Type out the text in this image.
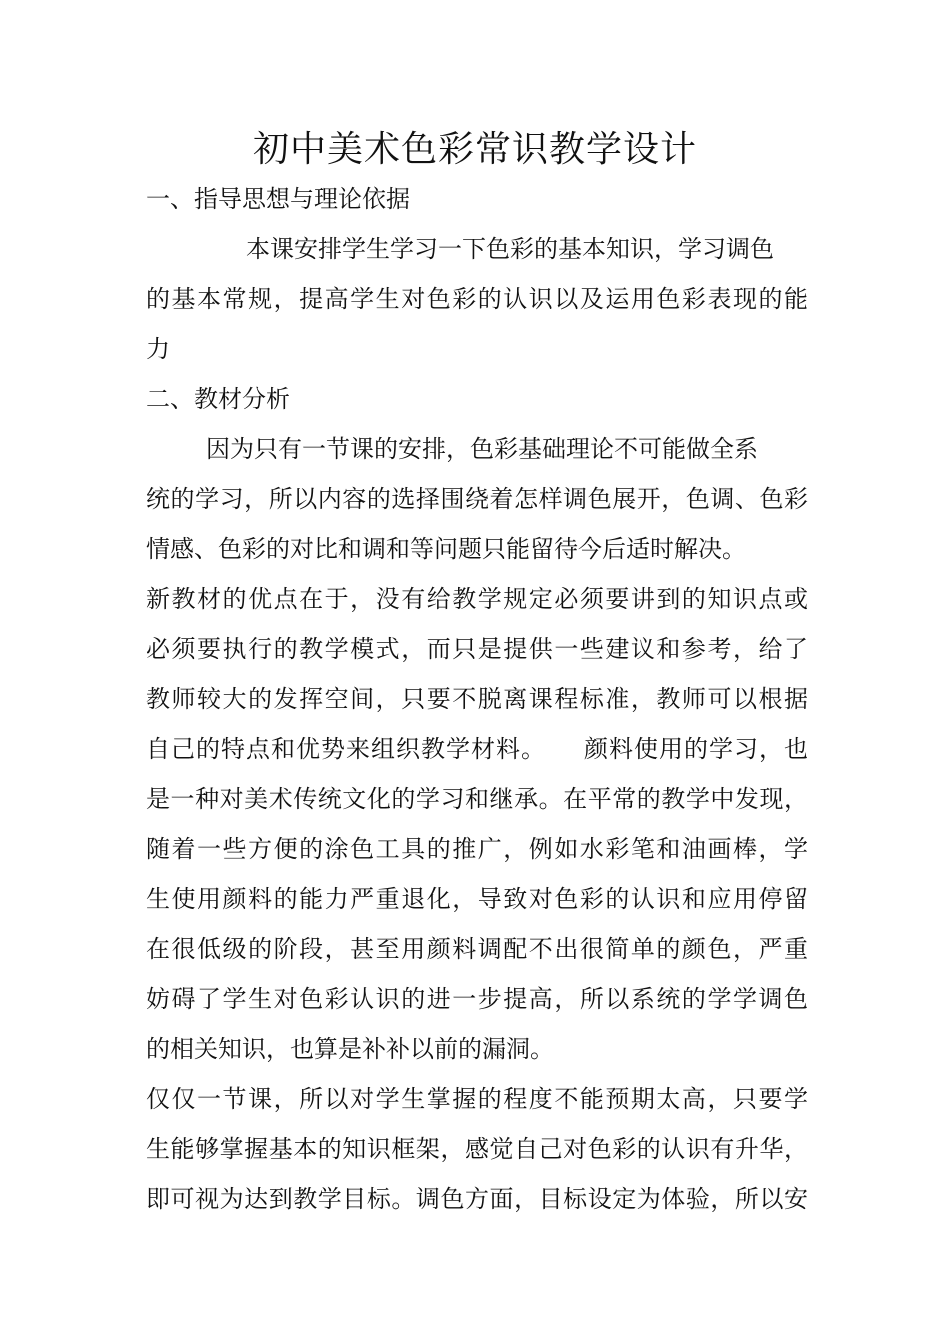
初中美术色彩常识教学设计
一、指导思想与理论依据
本课安排学生学习一下色彩的基本知识，学习调色
的基本常规，提高学生对色彩的认识以及运用色彩表现的能
力
二、教材分析
因为只有一节课的安排，色彩基础理论不可能做全系
统的学习，所以内容的选择围绕着怎样调色展开，色调、色彩
情感、色彩的对比和调和等问题只能留待今后适时解决。
新教材的优点在于，没有给教学规定必须要讲到的知识点或
必须要执行的教学模式，而只是提供一些建议和参考，给了
教师较大的发挥空间，只要不脱离课程标准，教师可以根据
自己的特点和优势来组织教学材料。　　颜料使用的学习，也
是一种对美术传统文化的学习和继承。在平常的教学中发现，
随着一些方便的涂色工具的推广，例如水彩笔和油画棒，学
生使用颜料的能力严重退化，导致对色彩的认识和应用停留
在很低级的阶段，甚至用颜料调配不出很简单的颜色，严重
妨碍了学生对色彩认识的进一步提高，所以系统的学学调色
的相关知识，也算是补补以前的漏洞。
仅仅一节课，所以对学生掌握的程度不能预期太高，只要学
生能够掌握基本的知识框架，感觉自己对色彩的认识有升华，
即可视为达到教学目标。调色方面，目标设定为体验，所以安
